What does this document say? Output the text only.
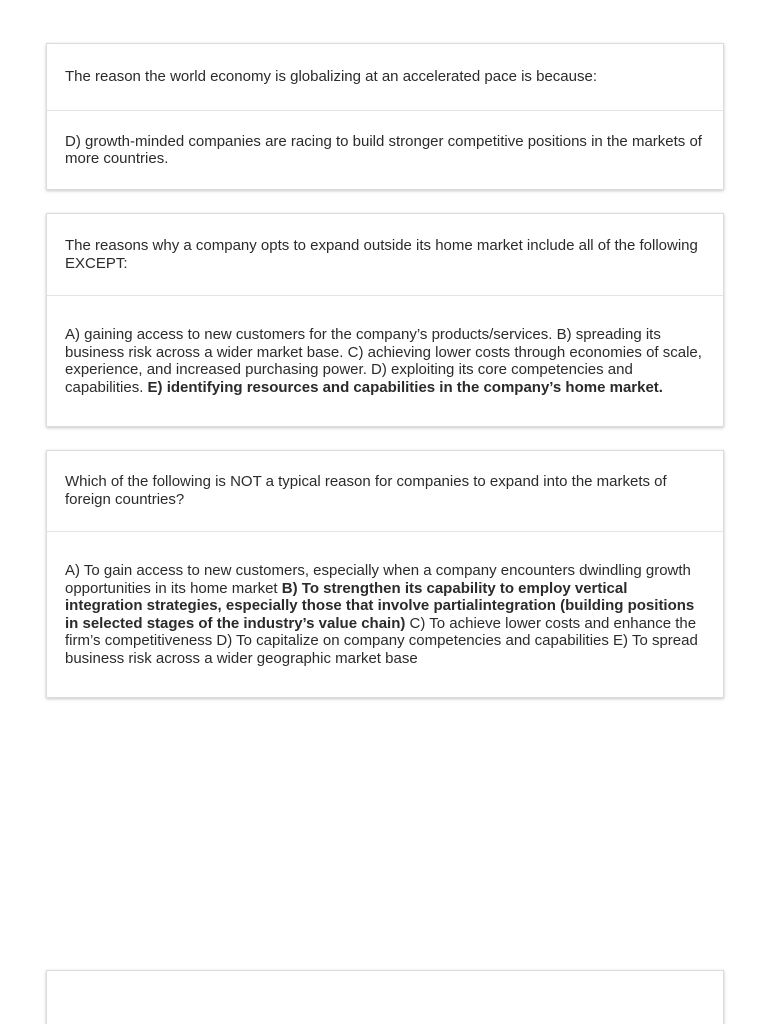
The reason the world economy is globalizing at an accelerated pace is because:
D) growth-minded companies are racing to build stronger competitive positions in the markets of more countries.
The reasons why a company opts to expand outside its home market include all of the following EXCEPT:
A) gaining access to new customers for the company’s products/services. B) spreading its business risk across a wider market base. C) achieving lower costs through economies of scale, experience, and increased purchasing power. D) exploiting its core competencies and capabilities. E) identifying resources and capabilities in the company’s home market.
Which of the following is NOT a typical reason for companies to expand into the markets of foreign countries?
A) To gain access to new customers, especially when a company encounters dwindling growth opportunities in its home market B) To strengthen its capability to employ vertical integration strategies, especially those that involve partialintegration (building positions in selected stages of the industry’s value chain) C) To achieve lower costs and enhance the firm’s competitiveness D) To capitalize on company competencies and capabilities E) To spread business risk across a wider geographic market base
